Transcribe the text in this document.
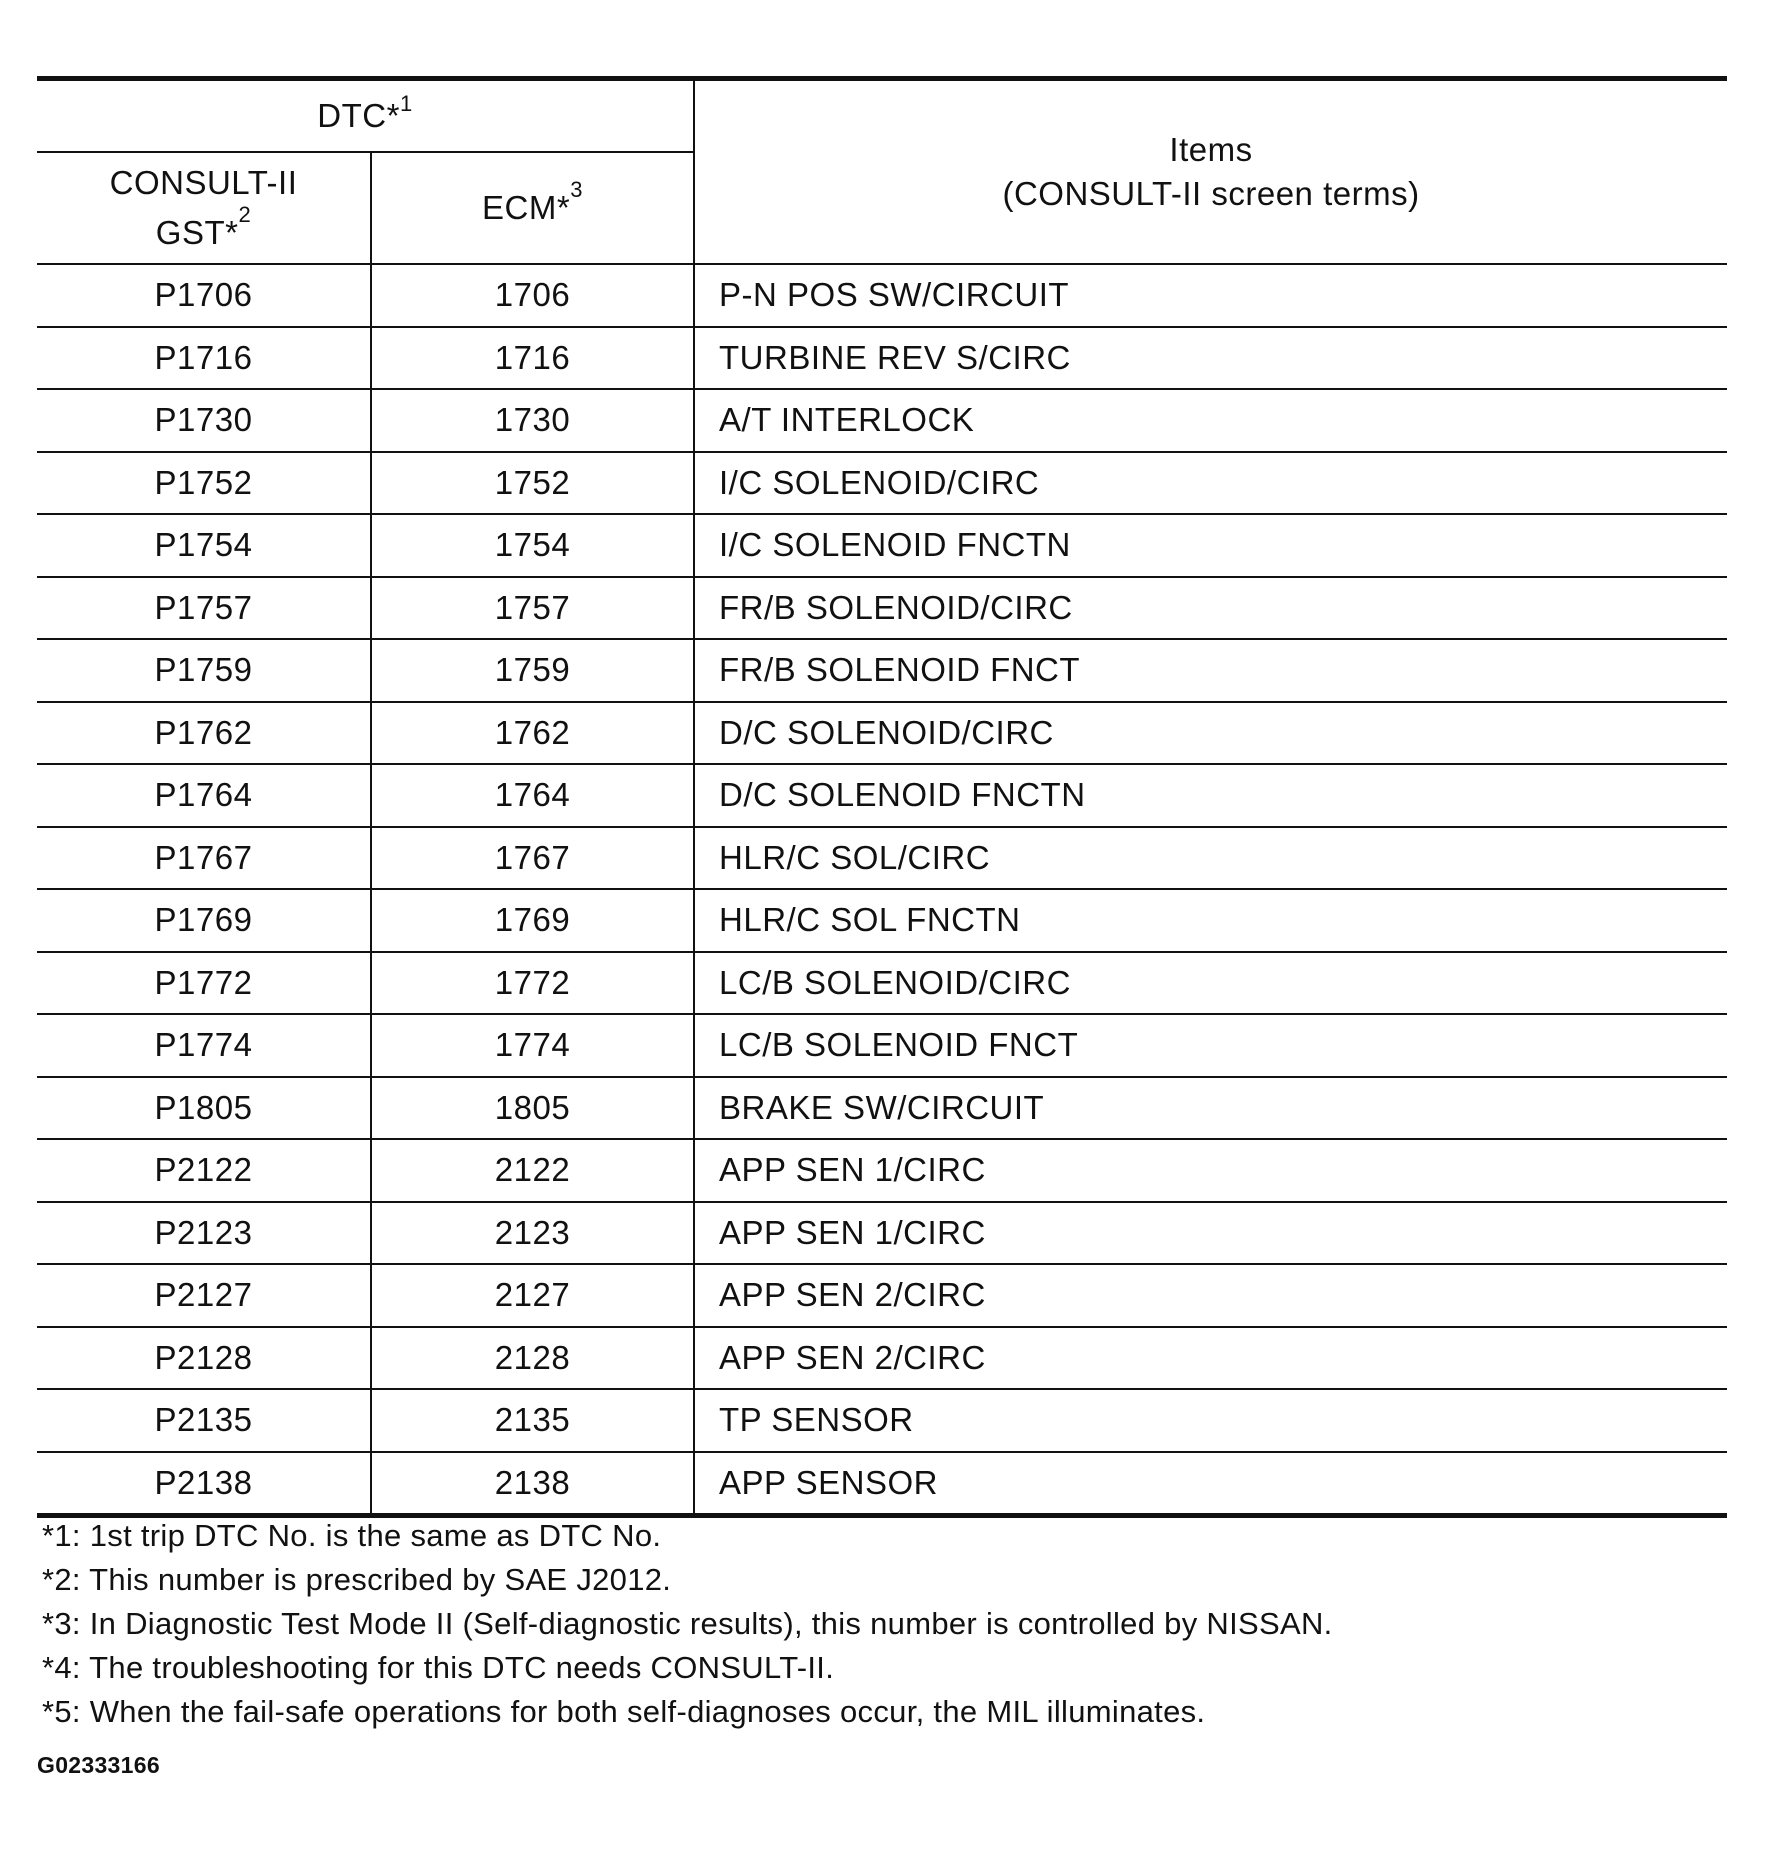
DTC*$^1$		Items
(CONSULT-II screen terms)

CONSULT-II
GST*$^2$	ECM*$^3$
P1706	1706	P-N POS SW/CIRCUIT
P1716	1716	TURBINE REV S/CIRC
P1730	1730	A/T INTERLOCK
P1752	1752	I/C SOLENOID/CIRC
P1754	1754	I/C SOLENOID FNCTN
P1757	1757	FR/B SOLENOID/CIRC
P1759	1759	FR/B SOLENOID FNCT
P1762	1762	D/C SOLENOID/CIRC
P1764	1764	D/C SOLENOID FNCTN
P1767	1767	HLR/C SOL/CIRC
P1769	1769	HLR/C SOL FNCTN
P1772	1772	LC/B SOLENOID/CIRC
P1774	1774	LC/B SOLENOID FNCT
P1805	1805	BRAKE SW/CIRCUIT
P2122	2122	APP SEN 1/CIRC
P2123	2123	APP SEN 1/CIRC
P2127	2127	APP SEN 2/CIRC
P2128	2128	APP SEN 2/CIRC
P2135	2135	TP SENSOR
P2138	2138	APP SENSOR
*1: 1st trip DTC No. is the same as DTC No.
*2: This number is prescribed by SAE J2012.
*3: In Diagnostic Test Mode II (Self-diagnostic results), this number is controlled by NISSAN.
*4: The troubleshooting for this DTC needs CONSULT-II.
*5: When the fail-safe operations for both self-diagnoses occur, the MIL illuminates.
G02333166
